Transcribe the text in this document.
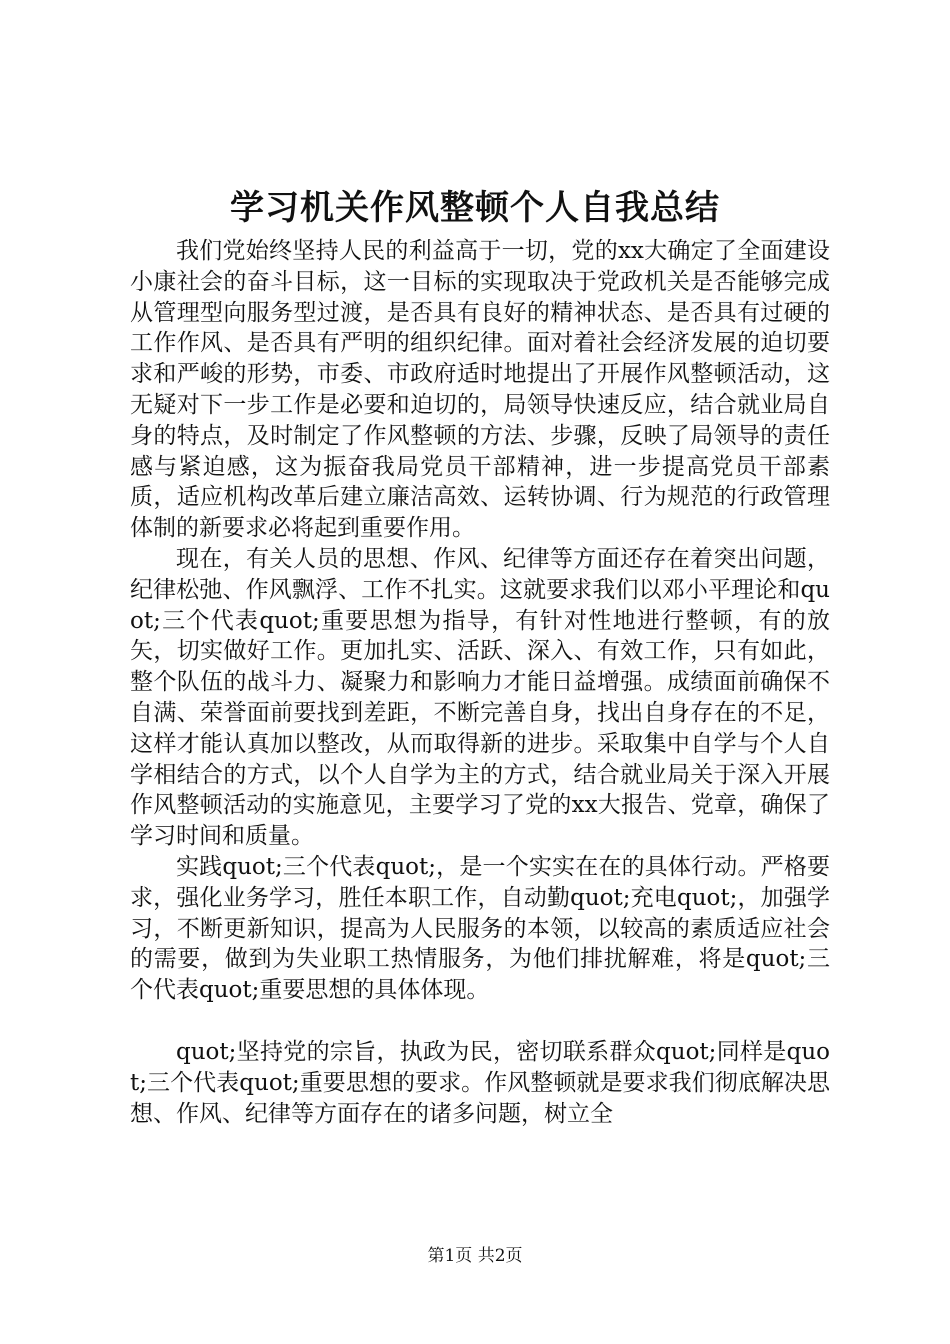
学习机关作风整顿个人自我总结

我们党始终坚持人民的利益高于一切，党的xx大确定了全面建设小康社会的奋斗目标，这一目标的实现取决于党政机关是否能够完成从管理型向服务型过渡，是否具有良好的精神状态、是否具有过硬的工作作风、是否具有严明的组织纪律。面对着社会经济发展的迫切要求和严峻的形势，市委、市政府适时地提出了开展作风整顿活动，这无疑对下一步工作是必要和迫切的，局领导快速反应，结合就业局自身的特点，及时制定了作风整顿的方法、步骤，反映了局领导的责任感与紧迫感，这为振奋我局党员干部精神，进一步提高党员干部素质，适应机构改革后建立廉洁高效、运转协调、行为规范的行政管理体制的新要求必将起到重要作用。

现在，有关人员的思想、作风、纪律等方面还存在着突出问题，纪律松弛、作风飘浮、工作不扎实。这就要求我们以邓小平理论和quot;三个代表quot;重要思想为指导，有针对性地进行整顿，有的放矢，切实做好工作。更加扎实、活跃、深入、有效工作，只有如此，整个队伍的战斗力、凝聚力和影响力才能日益增强。成绩面前确保不自满、荣誉面前要找到差距，不断完善自身，找出自身存在的不足，这样才能认真加以整改，从而取得新的进步。采取集中自学与个人自学相结合的方式，以个人自学为主的方式，结合就业局关于深入开展作风整顿活动的实施意见，主要学习了党的xx大报告、党章，确保了学习时间和质量。

实践quot;三个代表quot;，是一个实实在在的具体行动。严格要求，强化业务学习，胜任本职工作，自动勤quot;充电quot;，加强学习，不断更新知识，提高为人民服务的本领，以较高的素质适应社会的需要，做到为失业职工热情服务，为他们排扰解难，将是quot;三个代表quot;重要思想的具体体现。

quot;坚持党的宗旨，执政为民，密切联系群众quot;同样是quot;三个代表quot;重要思想的要求。作风整顿就是要求我们彻底解决思想、作风、纪律等方面存在的诸多问题，树立全

第1页 共2页
